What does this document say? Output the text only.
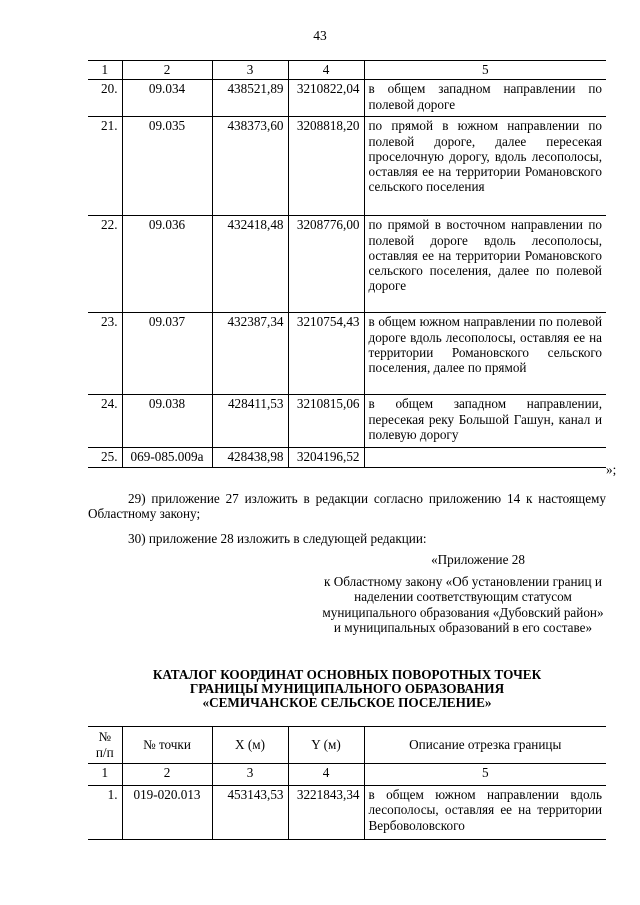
43
1	2	3	4	5
20.	09.034	438521,89	3210822,04	в общем западном направлении по полевой дороге
21.	09.035	438373,60	3208818,20	по прямой в южном направлении по полевой дороге, далее пересекая проселочную дорогу, вдоль лесополосы, оставляя ее на территории Романовского сельского поселения
22.	09.036	432418,48	3208776,00	по прямой в восточном направлении по полевой дороге вдоль лесополосы, оставляя ее на территории Романовского сельского поселения, далее по полевой дороге
23.	09.037	432387,34	3210754,43	в общем южном направлении по полевой дороге вдоль лесополосы, оставляя ее на территории Романовского сельского поселения, далее по прямой
24.	09.038	428411,53	3210815,06	в общем западном направлении, пересекая реку Большой Гашун, канал и полевую дорогу
25.	069-085.009а	428438,98	3204196,52	
»;
29) приложение 27 изложить в редакции согласно приложению 14 к настоящему Областному закону;
30) приложение 28 изложить в следующей редакции:
«Приложение 28
к Областному закону «Об установлении границ и наделении соответствующим статусом муниципального образования «Дубовский район» и муниципальных образований в его составе»
КАТАЛОГ КООРДИНАТ ОСНОВНЫХ ПОВОРОТНЫХ ТОЧЕК
ГРАНИЦЫ МУНИЦИПАЛЬНОГО ОБРАЗОВАНИЯ
«СЕМИЧАНСКОЕ СЕЛЬСКОЕ ПОСЕЛЕНИЕ»
№ п/п	№ точки	X (м)	Y (м)	Описание отрезка границы
1	2	3	4	5
1.	019-020.013	453143,53	3221843,34	в общем южном направлении вдоль лесополосы, оставляя ее на территории Вербоволовского
